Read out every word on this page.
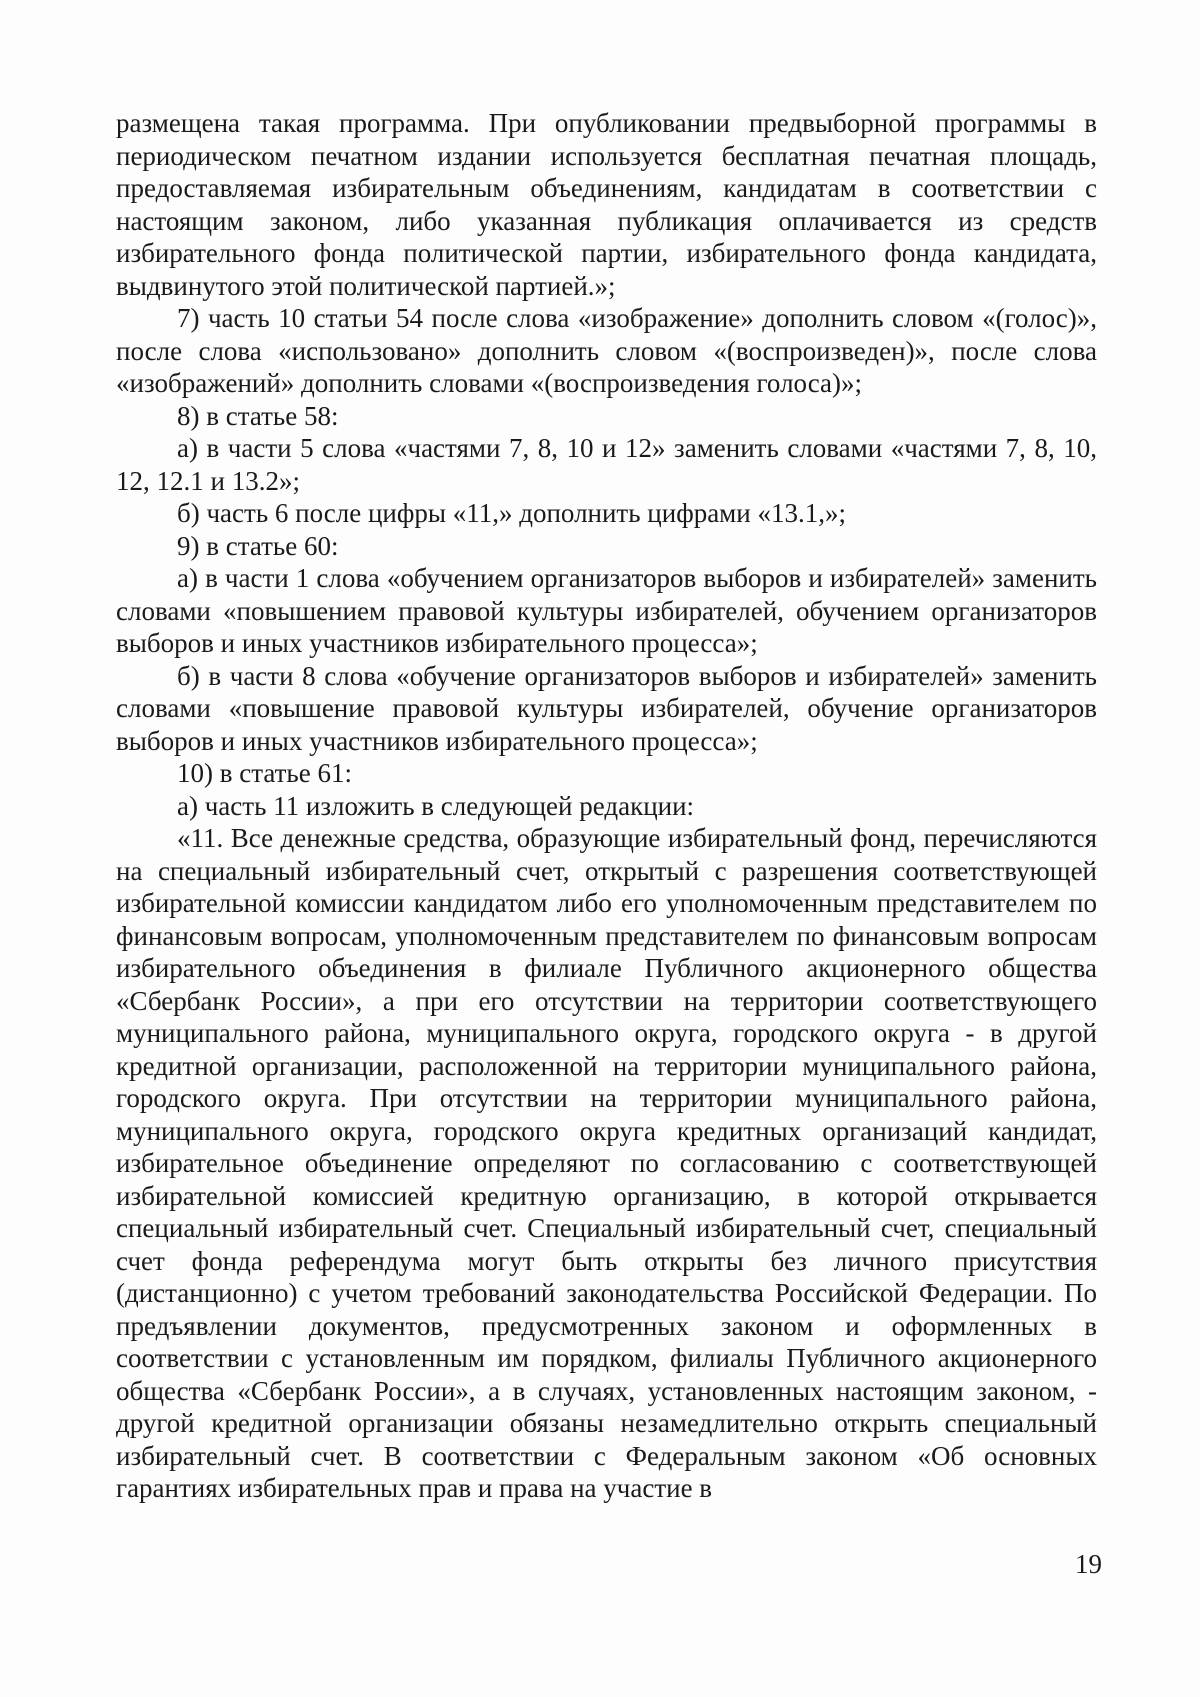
размещена такая программа. При опубликовании предвыборной программы в периодическом печатном издании используется бесплатная печатная площадь, предоставляемая избирательным объединениям, кандидатам в соответствии с настоящим законом, либо указанная публикация оплачивается из средств избирательного фонда политической партии, избирательного фонда кандидата, выдвинутого этой политической партией.»;

7) часть 10 статьи 54 после слова «изображение» дополнить словом «(голос)», после слова «использовано» дополнить словом «(воспроизведен)», после слова «изображений» дополнить словами «(воспроизведения голоса)»;

8) в статье 58:

а) в части 5 слова «частями 7, 8, 10 и 12» заменить словами «частями 7, 8, 10, 12, 12.1 и 13.2»;

б) часть 6 после цифры «11,» дополнить цифрами «13.1,»;

9) в статье 60:

а) в части 1 слова «обучением организаторов выборов и избирателей» заменить словами «повышением правовой культуры избирателей, обучением организаторов выборов и иных участников избирательного процесса»;

б) в части 8 слова «обучение организаторов выборов и избирателей» заменить словами «повышение правовой культуры избирателей, обучение организаторов выборов и иных участников избирательного процесса»;

10) в статье 61:

а) часть 11 изложить в следующей редакции:

«11. Все денежные средства, образующие избирательный фонд, перечисляются на специальный избирательный счет, открытый с разрешения соответствующей избирательной комиссии кандидатом либо его уполномоченным представителем по финансовым вопросам, уполномоченным представителем по финансовым вопросам избирательного объединения в филиале Публичного акционерного общества «Сбербанк России», а при его отсутствии на территории соответствующего муниципального района, муниципального округа, городского округа - в другой кредитной организации, расположенной на территории муниципального района, городского округа. При отсутствии на территории муниципального района, муниципального округа, городского округа кредитных организаций кандидат, избирательное объединение определяют по согласованию с соответствующей избирательной комиссией кредитную организацию, в которой открывается специальный избирательный счет. Специальный избирательный счет, специальный счет фонда референдума могут быть открыты без личного присутствия (дистанционно) с учетом требований законодательства Российской Федерации. По предъявлении документов, предусмотренных законом и оформленных в соответствии с установленным им порядком, филиалы Публичного акционерного общества «Сбербанк России», а в случаях, установленных настоящим законом, - другой кредитной организации обязаны незамедлительно открыть специальный избирательный счет. В соответствии с Федеральным законом «Об основных гарантиях избирательных прав и права на участие в

19
